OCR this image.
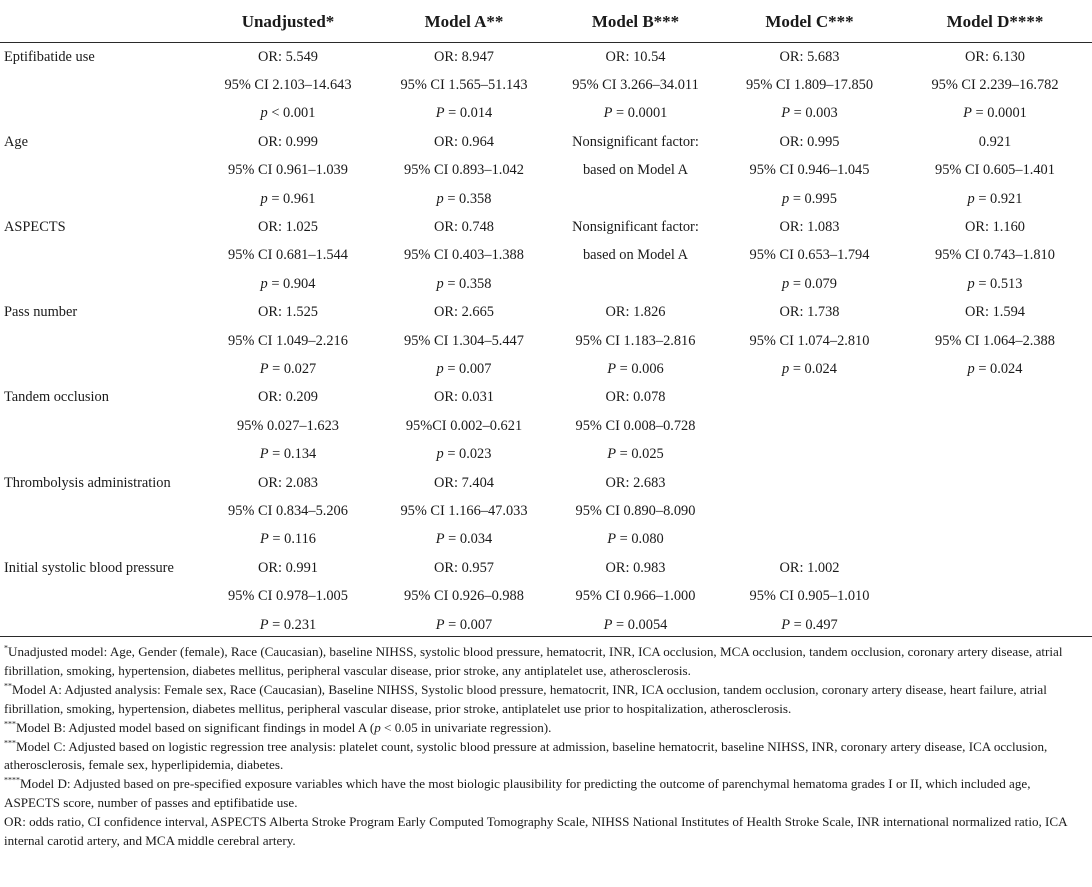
	Unadjusted*	Model A**	Model B***	Model C***	Model D****
Eptifibatide use	OR: 5.549	OR: 8.947	OR: 10.54	OR: 5.683	OR: 6.130
	95% CI 2.103–14.643	95% CI 1.565–51.143	95% CI 3.266–34.011	95% CI 1.809–17.850	95% CI 2.239–16.782
	p < 0.001	P = 0.014	P = 0.0001	P = 0.003	P = 0.0001
Age	OR: 0.999	OR: 0.964	Nonsignificant factor:	OR: 0.995	0.921
	95% CI 0.961–1.039	95% CI 0.893–1.042	based on Model A	95% CI 0.946–1.045	95% CI 0.605–1.401
	p = 0.961	p = 0.358		p = 0.995	p = 0.921
ASPECTS	OR: 1.025	OR: 0.748	Nonsignificant factor:	OR: 1.083	OR: 1.160
	95% CI 0.681–1.544	95% CI 0.403–1.388	based on Model A	95% CI 0.653–1.794	95% CI 0.743–1.810
	p = 0.904	p = 0.358		p = 0.079	p = 0.513
Pass number	OR: 1.525	OR: 2.665	OR: 1.826	OR: 1.738	OR: 1.594
	95% CI 1.049–2.216	95% CI 1.304–5.447	95% CI 1.183–2.816	95% CI 1.074–2.810	95% CI 1.064–2.388
	P = 0.027	p = 0.007	P = 0.006	p = 0.024	p = 0.024
Tandem occlusion	OR: 0.209	OR: 0.031	OR: 0.078		
	95% 0.027–1.623	95%CI 0.002–0.621	95% CI 0.008–0.728		
	P = 0.134	p = 0.023	P = 0.025		
Thrombolysis administration	OR: 2.083	OR: 7.404	OR: 2.683		
	95% CI 0.834–5.206	95% CI 1.166–47.033	95% CI 0.890–8.090		
	P = 0.116	P = 0.034	P = 0.080		
Initial systolic blood pressure	OR: 0.991	OR: 0.957	OR: 0.983	OR: 1.002	
	95% CI 0.978–1.005	95% CI 0.926–0.988	95% CI 0.966–1.000	95% CI 0.905–1.010	
	P = 0.231	P = 0.007	P = 0.0054	P = 0.497	

*Unadjusted model: Age, Gender (female), Race (Caucasian), baseline NIHSS, systolic blood pressure, hematocrit, INR, ICA occlusion, MCA occlusion, tandem occlusion, coronary artery disease, atrial fibrillation, smoking, hypertension, diabetes mellitus, peripheral vascular disease, prior stroke, any antiplatelet use, atherosclerosis.

**Model A: Adjusted analysis: Female sex, Race (Caucasian), Baseline NIHSS, Systolic blood pressure, hematocrit, INR, ICA occlusion, tandem occlusion, coronary artery disease, heart failure, atrial fibrillation, smoking, hypertension, diabetes mellitus, peripheral vascular disease, prior stroke, antiplatelet use prior to hospitalization, atherosclerosis.

***Model B: Adjusted model based on significant findings in model A (p < 0.05 in univariate regression).

***Model C: Adjusted based on logistic regression tree analysis: platelet count, systolic blood pressure at admission, baseline hematocrit, baseline NIHSS, INR, coronary artery disease, ICA occlusion, atherosclerosis, female sex, hyperlipidemia, diabetes.

****Model D: Adjusted based on pre-specified exposure variables which have the most biologic plausibility for predicting the outcome of parenchymal hematoma grades I or II, which included age, ASPECTS score, number of passes and eptifibatide use.

OR: odds ratio, CI confidence interval, ASPECTS Alberta Stroke Program Early Computed Tomography Scale, NIHSS National Institutes of Health Stroke Scale, INR international normalized ratio, ICA internal carotid artery, and MCA middle cerebral artery.
